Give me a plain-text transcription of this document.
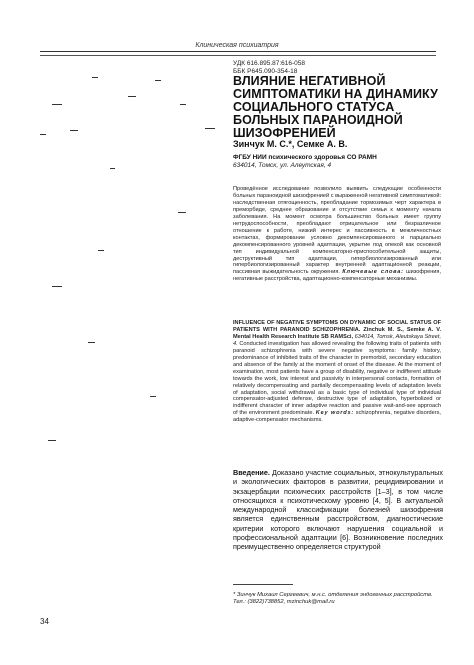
Клиническая психиатрия
УДК 616.895.87:616-058
ББК Р645.090-354-18
ВЛИЯНИЕ НЕГАТИВНОЙ СИМПТОМАТИКИ НА ДИНАМИКУ СОЦИАЛЬНОГО СТАТУСА БОЛЬНЫХ ПАРАНОИДНОЙ ШИЗОФРЕНИЕЙ
Зинчук М. С.*, Семке А. В.
ФГБУ НИИ психического здоровья СО РАМН
634014, Томск, ул. Алеутская, 4
Проведённое исследование позволило выявить следующие особенности больных параноидной шизофренией с выраженной негативной симптоматикой: наследственная отягощенность, преобладание тормозимых черт характера в преморбиде, среднее образование и отсутствие семьи к моменту начала заболевания. На момент осмотра большинство больных имеет группу нетрудоспособности, преобладают отрицательное или безразличное отношение к работе, низкий интерес и пассивность в межличностных контактах, формирование условно декомпенсированного и парциально декомпенсированного уровней адаптации, укрытие под опекой как основной тип индивидуальной компенсаторно-приспособительной защиты, деструктивный тип адаптации, гипербиологизированный или гипербиологизированный характер внутренней адаптационной реакции, пассивная выжидательность окружения. Ключевые слова: шизофрения, негативные расстройства, адаптационно-компенсаторные механизмы.
INFLUENCE OF NEGATIVE SYMPTOMS ON DYNAMIC OF SOCIAL STATUS OF PATIENTS WITH PARANOID SCHIZOPHRENIA. Zinchuk M. S., Semke A. V. Mental Health Research Institute SB RAMSci, 634014, Tomsk, Aleutskaya Street, 4. Conducted investigation has allowed revealing the following traits of patients with paranoid schizophrenia with severe negative symptoms: family history, predominance of inhibited traits of the character in premorbid, secondary education and absence of the family at the moment of onset of the disease. At the moment of examination, most patients have a group of disability, negative or indifferent attitude towards the work, low interest and passivity in interpersonal contacts, formation of relatively decompensating and partially decompensating levels of adaptation levels of adaptation, social withdrawal as a basic type of individual type of individual compensator-adjusted defense, destructive type of adaptation, hyperbolized or indifferent character of inner adaptive reaction and passive wait-and-see approach of the environment predominate. Key words: schizophrenia, negative disorders, adaptive-compensator mechanisms.
Введение. Доказано участие социальных, этнокультуральных и экологических факторов в развитии, рецидивировании и экзацербации психических расстройств [1–3], в том числе относящихся к психотическому уровню [4, 5]. В актуальной международной классификации болезней шизофрения является единственным расстройством, диагностические критерии которого включают нарушения социальной и профессиональной адаптации [6]. Возникновение последних преимущественно определяется структурой
* Зинчук Михаил Сергеевич, м.н.с. отделения эндогенных расстройств. Тел.: (3822)738852, mzinchuk@mail.ru
34
